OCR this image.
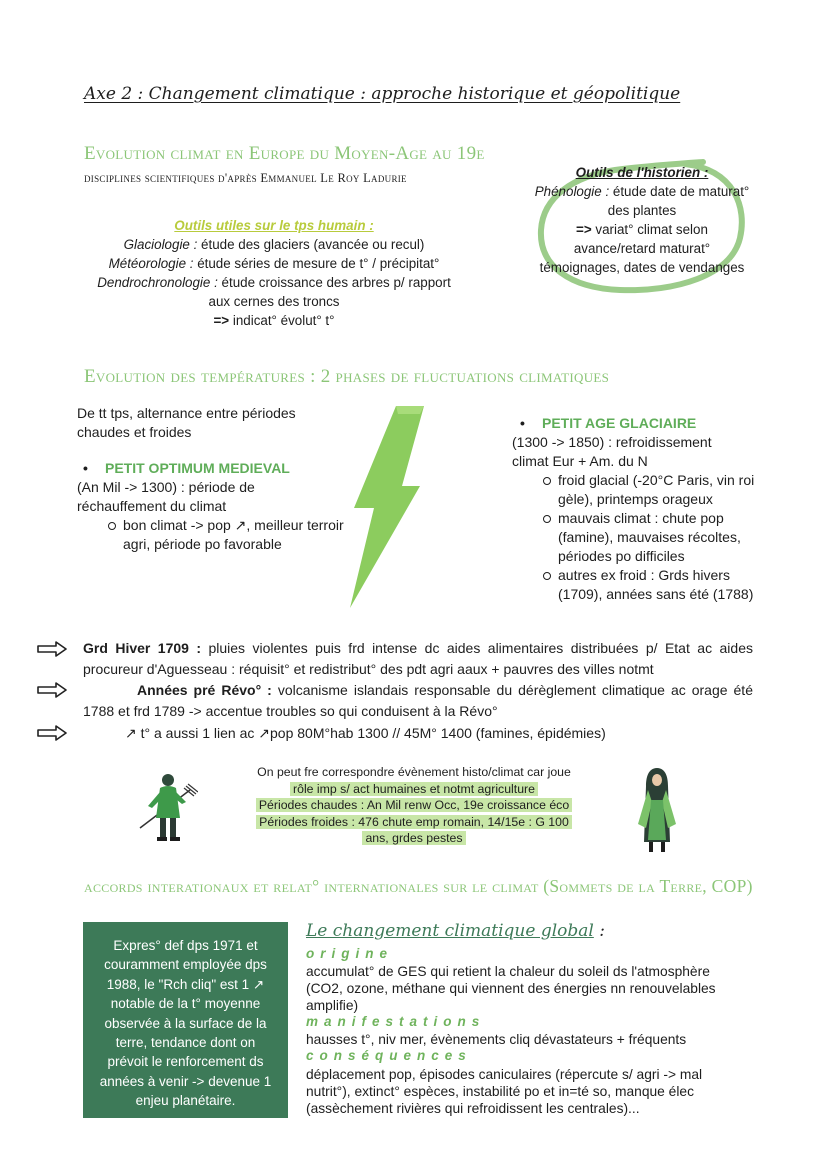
Axe 2 : Changement climatique : approche historique et géopolitique
Evolution climat en Europe du Moyen-Age au 19e
disciplines scientifiques d'après Emmanuel Le Roy Ladurie
Outils utiles sur le tps humain :
Glaciologie : étude des glaciers (avancée ou recul)
Météorologie : étude séries de mesure de t° / précipitat°
Dendrochronologie : étude croissance des arbres p/ rapport
aux cernes des troncs
=> indicat° évolut° t°
Outils de l'historien :
Phénologie : étude date de maturat°
des plantes
=> variat° climat selon
avance/retard maturat°
témoignages, dates de vendanges
Evolution des températures : 2 phases de fluctuations climatiques
De tt tps, alternance entre périodes chaudes et froides
• PETIT OPTIMUM MEDIEVAL
(An Mil -> 1300) : période de réchauffement du climat
bon climat -> pop ↗, meilleur terroir agri, période po favorable
• PETIT AGE GLACIAIRE
(1300 -> 1850) : refroidissement climat Eur + Am. du N
froid glacial (-20°C Paris, vin roi gèle), printemps orageux
mauvais climat : chute pop (famine), mauvaises récoltes, périodes po difficiles
autres ex froid : Grds hivers (1709), années sans été (1788)
Grd Hiver 1709 : pluies violentes puis frd intense dc aides alimentaires distribuées p/ Etat ac aides procureur d'Aguesseau : réquisit° et redistribut° des pdt agri aaux + pauvres des villes notmt
Années pré Révo° : volcanisme islandais responsable du dérèglement climatique ac orage été 1788 et frd 1789 -> accentue troubles so qui conduisent à la Révo°
↗ t° a aussi 1 lien ac ↗pop 80M°hab 1300 // 45M° 1400 (famines, épidémies)
On peut fre correspondre évènement histo/climat car joue
rôle imp s/ act humaines et notmt agriculture
Périodes chaudes : An Mil renw Occ, 19e croissance éco
Périodes froides : 476 chute emp romain, 14/15e : G 100
ans, grdes pestes
accords interationaux et relat° internationales sur le climat (Sommets de la Terre, COP)
Expres° def dps 1971 et couramment employée dps 1988, le "Rch cliq" est 1 ↗ notable de la t° moyenne observée à la surface de la terre, tendance dont on prévoit le renforcement ds années à venir -> devenue 1 enjeu planétaire.
Le changement climatique global :
origine
accumulat° de GES qui retient la chaleur du soleil ds l'atmosphère (CO2, ozone, méthane qui viennent des énergies nn renouvelables amplifie)
manifestations
hausses t°, niv mer, évènements cliq dévastateurs + fréquents
conséquences
déplacement pop, épisodes caniculaires (répercute s/ agri -> mal nutrit°), extinct° espèces, instabilité po et in=té so, manque élec (assèchement rivières qui refroidissent les centrales)...
